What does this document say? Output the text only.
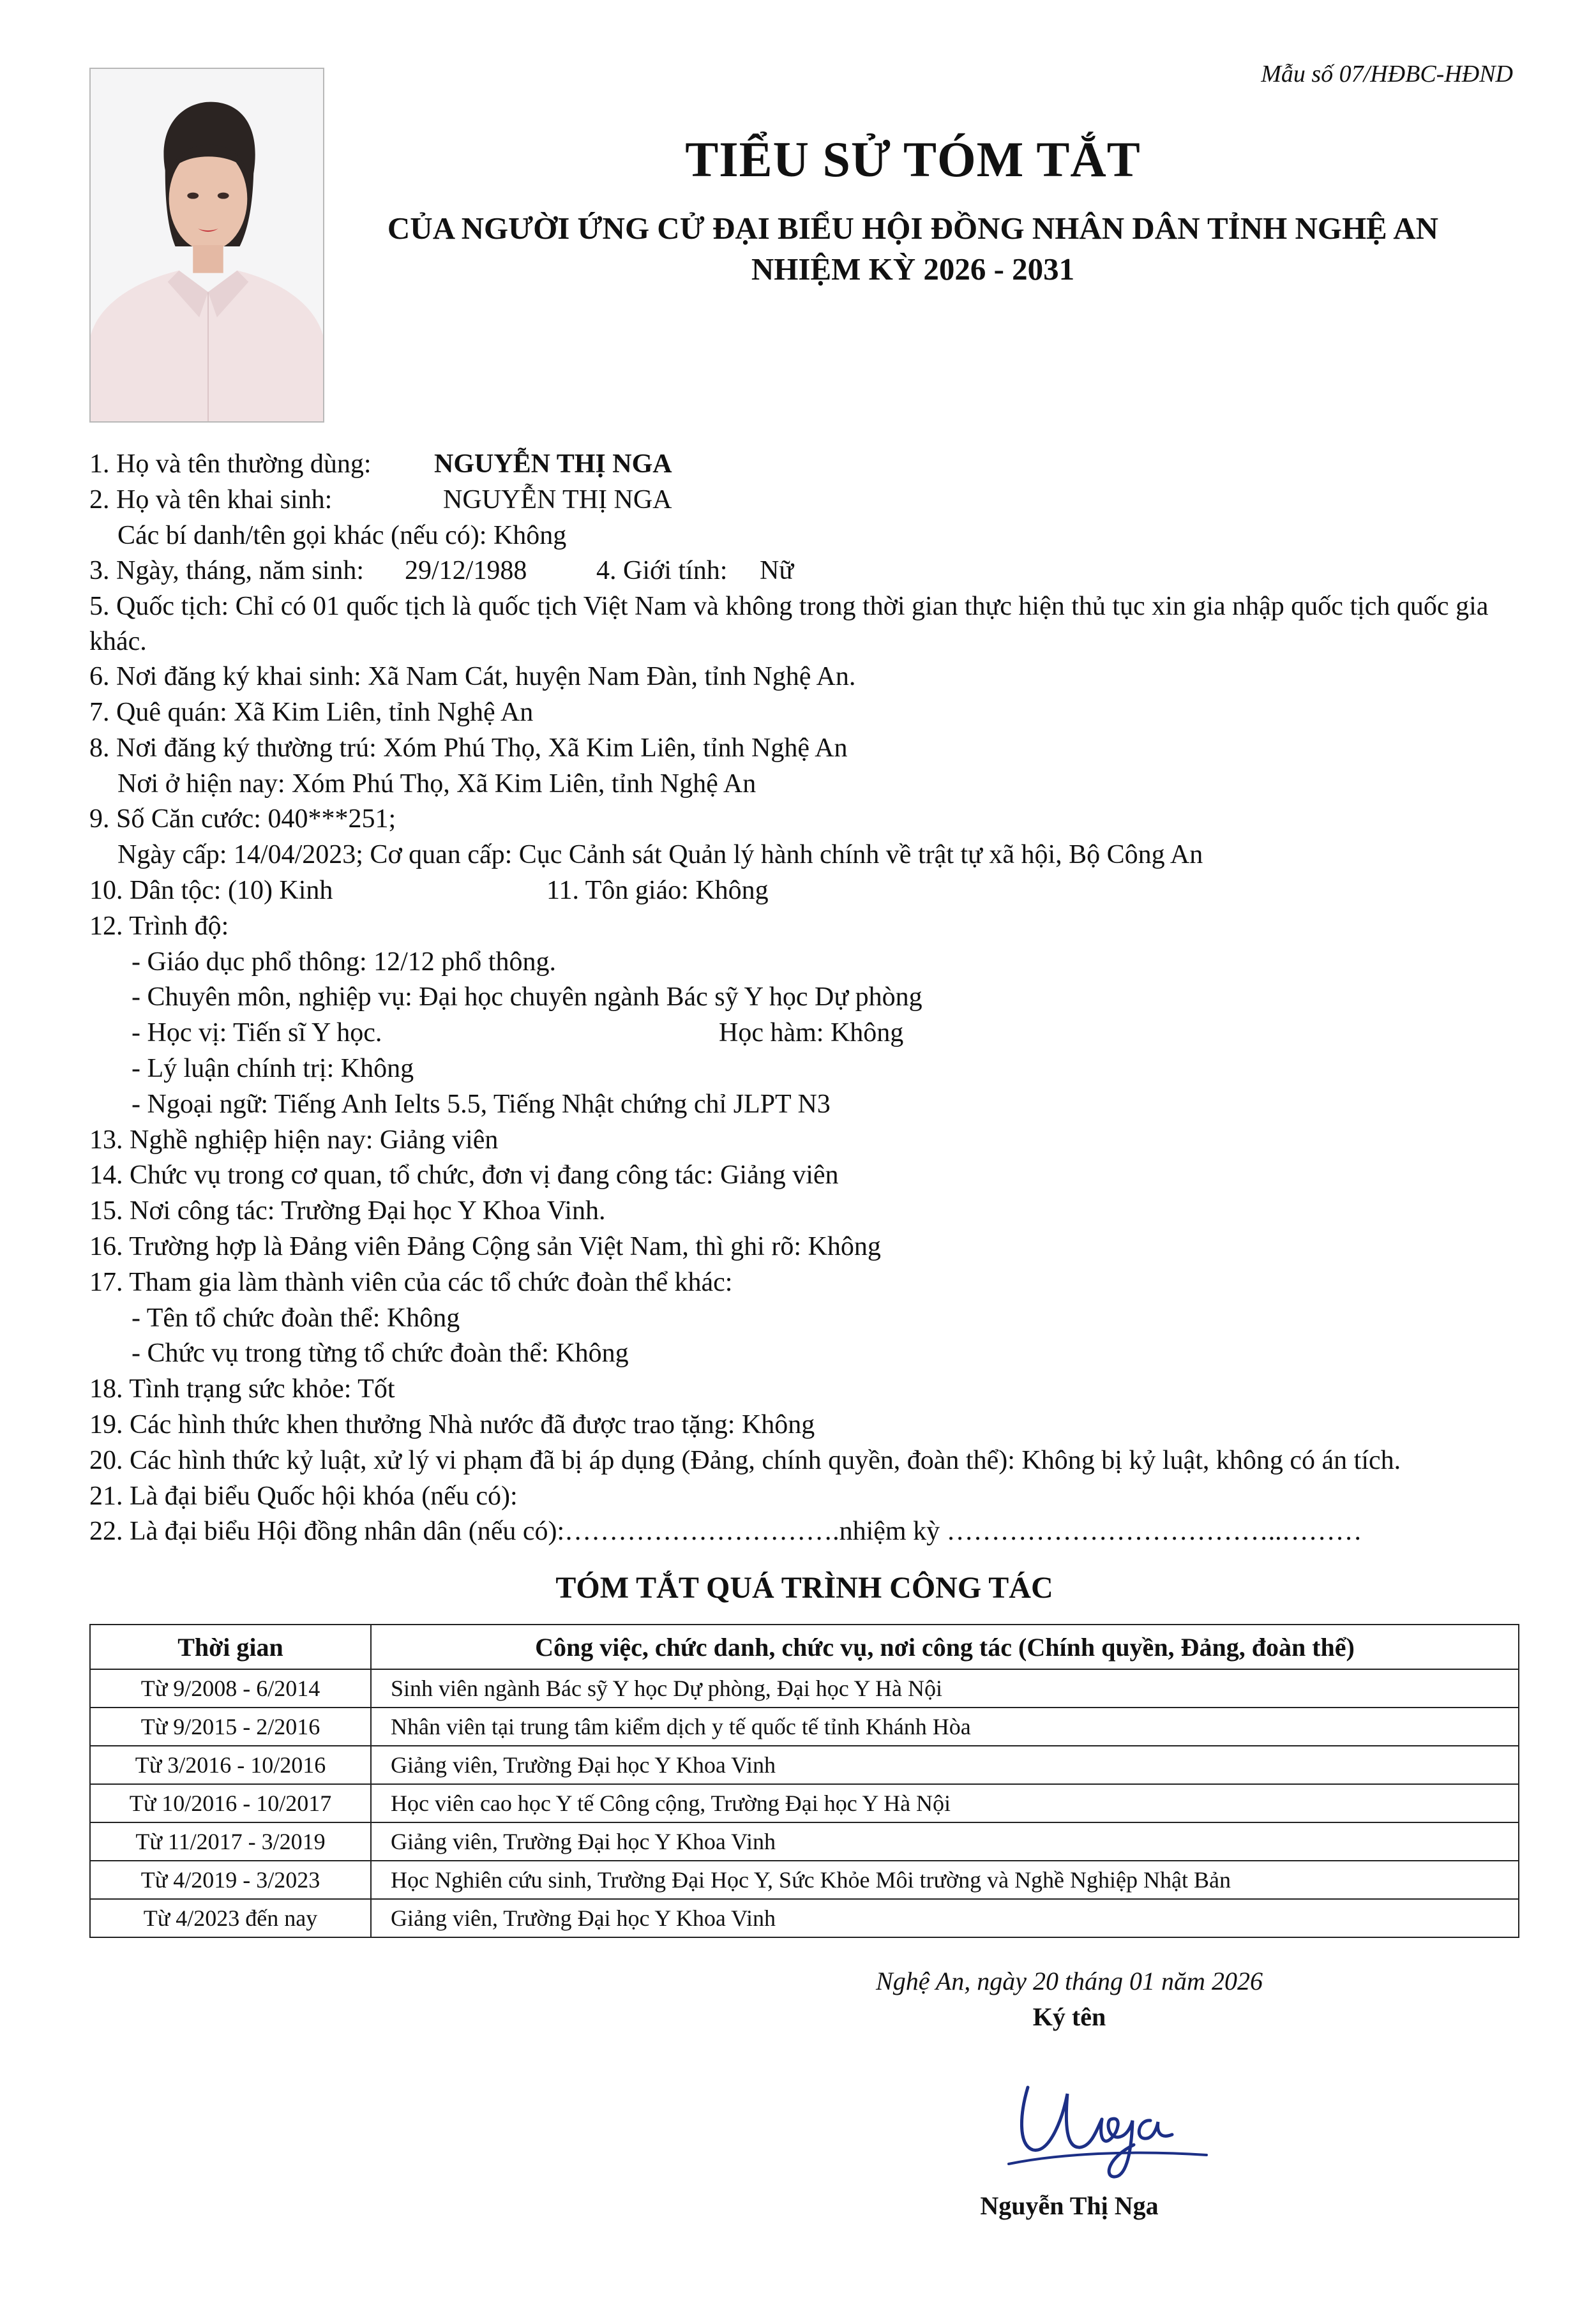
Mẫu số 07/HĐBC-HĐND
TIỂU SỬ TÓM TẮT
CỦA NGƯỜI ỨNG CỬ ĐẠI BIỂU HỘI ĐỒNG NHÂN DÂN TỈNH NGHỆ AN
NHIỆM KỲ 2026 - 2031
1. Họ và tên thường dùng: NGUYỄN THỊ NGA
2. Họ và tên khai sinh:	NGUYỄN THỊ NGA
Các bí danh/tên gọi khác (nếu có): Không
3. Ngày, tháng, năm sinh: 29/12/1988	4. Giới tính: Nữ
5. Quốc tịch: Chỉ có 01 quốc tịch là quốc tịch Việt Nam và không trong thời gian thực hiện thủ tục xin gia nhập quốc tịch quốc gia khác.
6. Nơi đăng ký khai sinh: Xã Nam Cát, huyện Nam Đàn, tỉnh Nghệ An.
7. Quê quán: Xã Kim Liên, tỉnh Nghệ An
8. Nơi đăng ký thường trú: Xóm Phú Thọ, Xã Kim Liên, tỉnh Nghệ An
Nơi ở hiện nay: Xóm Phú Thọ, Xã Kim Liên, tỉnh Nghệ An
9. Số Căn cước: 040***251;
Ngày cấp: 14/04/2023; Cơ quan cấp: Cục Cảnh sát Quản lý hành chính về trật tự xã hội, Bộ Công An
10. Dân tộc: (10) Kinh	11. Tôn giáo: Không
12. Trình độ:
- Giáo dục phổ thông: 12/12 phổ thông.
- Chuyên môn, nghiệp vụ: Đại học chuyên ngành Bác sỹ Y học Dự phòng
- Học vị: Tiến sĩ Y học.	Học hàm: Không
- Lý luận chính trị: Không
- Ngoại ngữ: Tiếng Anh Ielts 5.5, Tiếng Nhật chứng chỉ JLPT N3
13. Nghề nghiệp hiện nay: Giảng viên
14. Chức vụ trong cơ quan, tổ chức, đơn vị đang công tác: Giảng viên
15. Nơi công tác: Trường Đại học Y Khoa Vinh.
16. Trường hợp là Đảng viên Đảng Cộng sản Việt Nam, thì ghi rõ: Không
17. Tham gia làm thành viên của các tổ chức đoàn thể khác:
- Tên tổ chức đoàn thể: Không
- Chức vụ trong từng tổ chức đoàn thể: Không
18. Tình trạng sức khỏe: Tốt
19. Các hình thức khen thưởng Nhà nước đã được trao tặng: Không
20. Các hình thức kỷ luật, xử lý vi phạm đã bị áp dụng (Đảng, chính quyền, đoàn thể): Không bị kỷ luật, không có án tích.
21. Là đại biểu Quốc hội khóa (nếu có):
22. Là đại biểu Hội đồng nhân dân (nếu có):………………………….nhiệm kỳ ………………………………..………
TÓM TẮT QUÁ TRÌNH CÔNG TÁC
Thời gian	Công việc, chức danh, chức vụ, nơi công tác (Chính quyền, Đảng, đoàn thể)
Từ 9/2008 - 6/2014	Sinh viên ngành Bác sỹ Y học Dự phòng, Đại học Y Hà Nội
Từ 9/2015 - 2/2016	Nhân viên tại trung tâm kiểm dịch y tế quốc tế tỉnh Khánh Hòa
Từ 3/2016 - 10/2016	Giảng viên, Trường Đại học Y Khoa Vinh
Từ 10/2016 - 10/2017	Học viên cao học Y tế Công cộng, Trường Đại học Y Hà Nội
Từ 11/2017 - 3/2019	Giảng viên, Trường Đại học Y Khoa Vinh
Từ 4/2019 - 3/2023	Học Nghiên cứu sinh, Trường Đại Học Y, Sức Khỏe Môi trường và Nghề Nghiệp Nhật Bản
Từ 4/2023 đến nay	Giảng viên, Trường Đại học Y Khoa Vinh
Nghệ An, ngày 20 tháng 01 năm 2026
Ký tên
Nguyễn Thị Nga
